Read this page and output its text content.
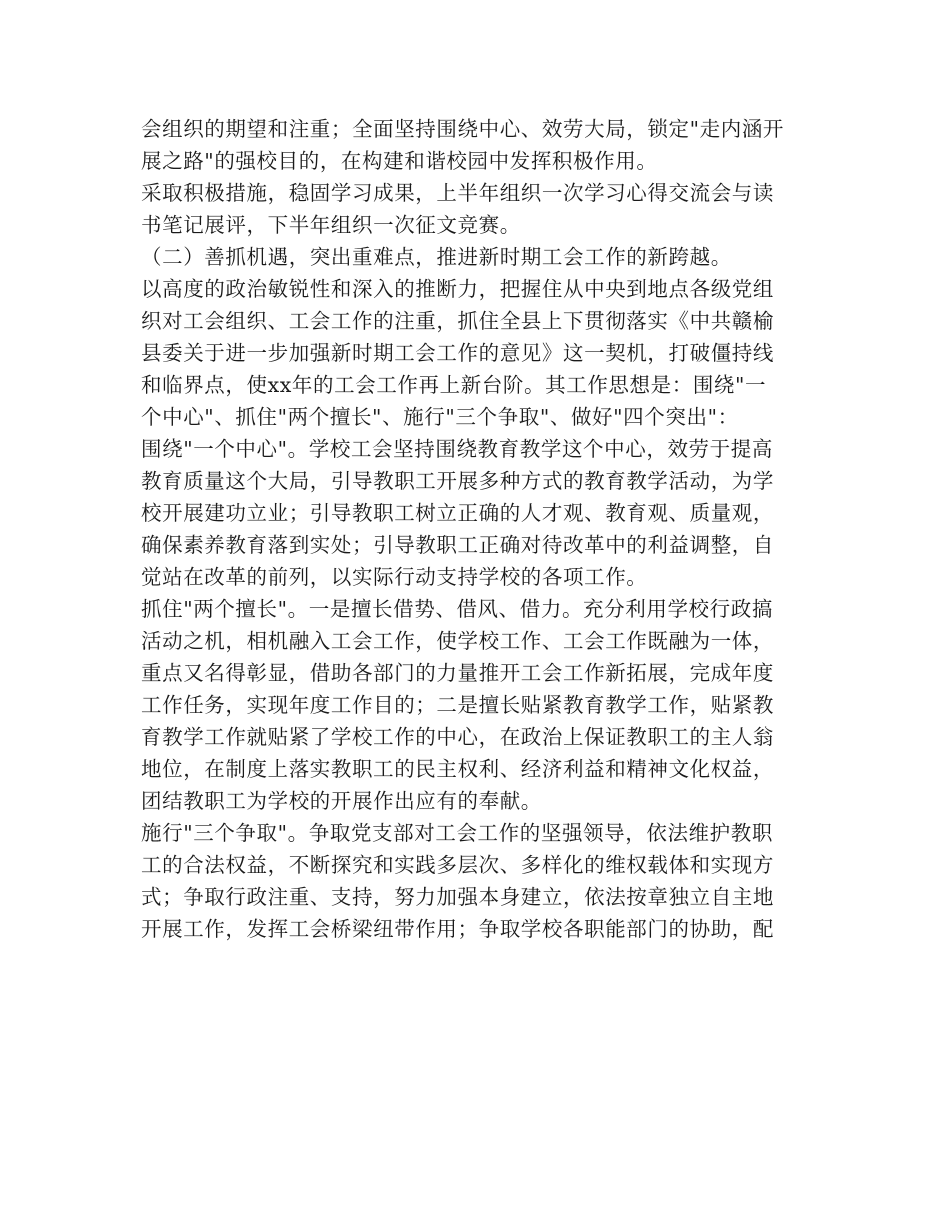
会组织的期望和注重；全面坚持围绕中心、效劳大局，锁定"走内涵开

展之路"的强校目的，在构建和谐校园中发挥积极作用。

采取积极措施，稳固学习成果，上半年组织一次学习心得交流会与读

书笔记展评，下半年组织一次征文竞赛。

（二）善抓机遇，突出重难点，推进新时期工会工作的新跨越。

以高度的政治敏锐性和深入的推断力，把握住从中央到地点各级党组

织对工会组织、工会工作的注重，抓住全县上下贯彻落实《中共赣榆

县委关于进一步加强新时期工会工作的意见》这一契机，打破僵持线

和临界点，使xx年的工会工作再上新台阶。其工作思想是：围绕"一

个中心"、抓住"两个擅长"、施行"三个争取"、做好"四个突出"：

围绕"一个中心"。学校工会坚持围绕教育教学这个中心，效劳于提高

教育质量这个大局，引导教职工开展多种方式的教育教学活动，为学

校开展建功立业；引导教职工树立正确的人才观、教育观、质量观，

确保素养教育落到实处；引导教职工正确对待改革中的利益调整，自

觉站在改革的前列，以实际行动支持学校的各项工作。

抓住"两个擅长"。一是擅长借势、借风、借力。充分利用学校行政搞

活动之机，相机融入工会工作，使学校工作、工会工作既融为一体，

重点又名得彰显，借助各部门的力量推开工会工作新拓展，完成年度

工作任务，实现年度工作目的；二是擅长贴紧教育教学工作，贴紧教

育教学工作就贴紧了学校工作的中心，在政治上保证教职工的主人翁

地位，在制度上落实教职工的民主权利、经济利益和精神文化权益，

团结教职工为学校的开展作出应有的奉献。

施行"三个争取"。争取党支部对工会工作的坚强领导，依法维护教职

工的合法权益，不断探究和实践多层次、多样化的维权载体和实现方

式；争取行政注重、支持，努力加强本身建立，依法按章独立自主地

开展工作，发挥工会桥梁纽带作用；争取学校各职能部门的协助，配
